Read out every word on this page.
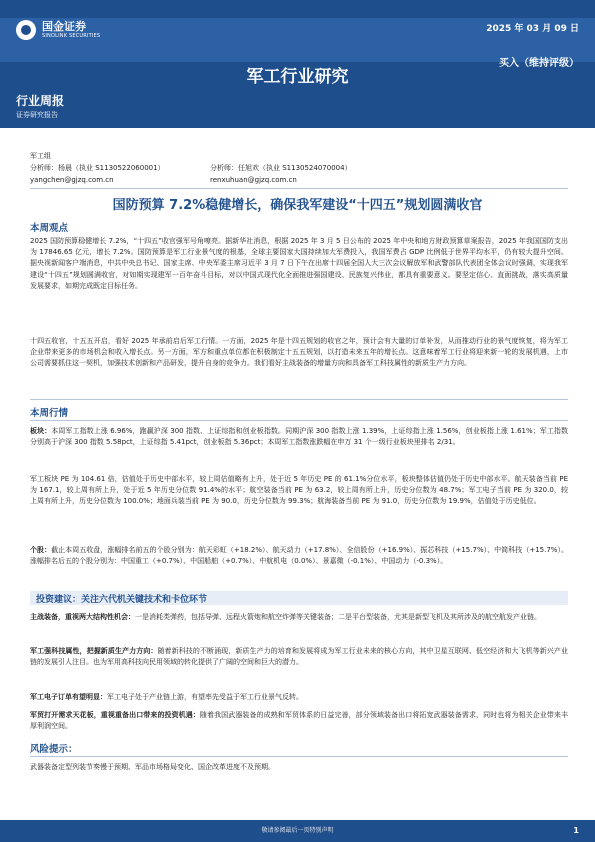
国金证券
SINOLINK SECURITIES
2025 年 03 月 09 日
买入（维持评级）
军工行业研究
行业周报
证券研究报告
军工组
分析师：杨晨（执业 S1130522060001）	分析师：任旭欢（执业 S1130524070004）
yangchen@gjzq.com.cn	renxuhuan@gjzq.com.cn
国防预算 7.2%稳健增长，确保我军建设“十四五”规划圆满收官
本周观点
2025 国防预算稳健增长 7.2%，“十四五”收官强军号角嘹亮。据新华社消息，根据 2025 年 3 月 5 日公布的 2025 年中央和地方财政预算草案报告，2025 年我国国防支出为 17846.65 亿元，增长 7.2%。国防预算是军工行业景气度的根基，全球主要国家大国持续加大军费投入，我国军费占 GDP 比例低于世界平均水平，仍有较大提升空间。据央视新闻客户端消息，中共中央总书记、国家主席、中央军委主席习近平 3 月 7 日下午在出席十四届全国人大三次会议解放军和武警部队代表团全体会议时强调，实现我军建设“十四五”规划圆满收官，对如期实现建军一百年奋斗目标，对以中国式现代化全面推进强国建设、民族复兴伟业，都具有重要意义。要坚定信心、直面挑战，落实高质量发展要求，如期完成既定目标任务。
十四五收官，十五五开启，看好 2025 年承前启后军工行情。一方面，2025 年是十四五规划的收官之年，预计会有大量的订单补发，从而推动行业的景气度恢复，将为军工企业带来更多的市场机会和收入增长点。另一方面，军方和重点单位都在积极制定十五五规划，以打造未来五年的增长点。这意味着军工行业将迎来新一轮的发展机遇，上市公司需要抓住这一契机，加强技术创新和产品研发，提升自身的竞争力。我们看好主战装备的增量方向和具备军工科技属性的新质生产力方向。
本周行情
板块：本周军工指数上涨 6.96%，跑赢沪深 300 指数、上证综指和创业板指数。同期沪深 300 指数上涨 1.39%，上证综指上涨 1.56%，创业板指上涨 1.61%；军工指数分别高于沪深 300 指数 5.58pct，上证综指 5.41pct，创业板指 5.36pct；本周军工指数涨跌幅在申万 31 个一级行业板块里排名 2/31。
军工板块 PE 为 104.61 倍，估值处于历史中部水平，较上周估值略有上升，处于近 5 年历史 PE 的 61.1%分位水平，板块整体估值仍处于历史中部水平。航天装备当前 PE 为 167.1，较上周有所上升，处于近 5 年历史分位数 91.4%的水平；航空装备当前 PE 为 63.2，较上周有所上升，历史分位数为 48.7%；军工电子当前 PE 为 320.0，较上周有所上升，历史分位数为 100.0%；地面兵装当前 PE 为 90.0，历史分位数为 99.3%；航海装备当前 PE 为 91.0，历史分位数为 19.9%，估值处于历史低位。
个股：截止本周五收盘，涨幅排名前五的个股分别为：航天彩虹（+18.2%）、航天动力（+17.8%）、全信股份（+16.9%）、振芯科技（+15.7%）、中简科技（+15.7%）。涨幅排名后五的个股分别为：中国重工（+0.7%）、中国船舶（+0.7%）、中航机电（0.0%）、景嘉微（-0.1%）、中国动力（-0.3%）。
投资建议：关注六代机关键技术和卡位环节
主战装备，重视两大结构性机会：一是消耗类弹药，包括导弹、远程火箭炮和航空炸弹等关键装备；二是平台型装备，尤其是新型飞机及其所涉及的航空航发产业链。
军工强科技属性，把握新质生产力方向：随着新科技的不断涌现，新质生产力的培育和发展将成为军工行业未来的核心方向，其中卫星互联网、低空经济和大飞机等新兴产业链的发展引人注目。也为军用高科技向民用领域的转化提供了广阔的空间和巨大的潜力。
军工电子订单有望明显：军工电子处于产业链上游，有望率先受益于军工行业景气反转。
军贸打开需求天花板，重视重备出口带来的投资机遇：随着我国武器装备的成熟和军贸体系的日益完善，部分领域装备出口将拓宽武器装备需求，同时也将为相关企业带来丰厚利润空间。
风险提示：
武器装备定型列装节奏慢于预期、军品市场格局变化、国企改革进度不及预期。
敬请参阅最后一页特别声明	1
